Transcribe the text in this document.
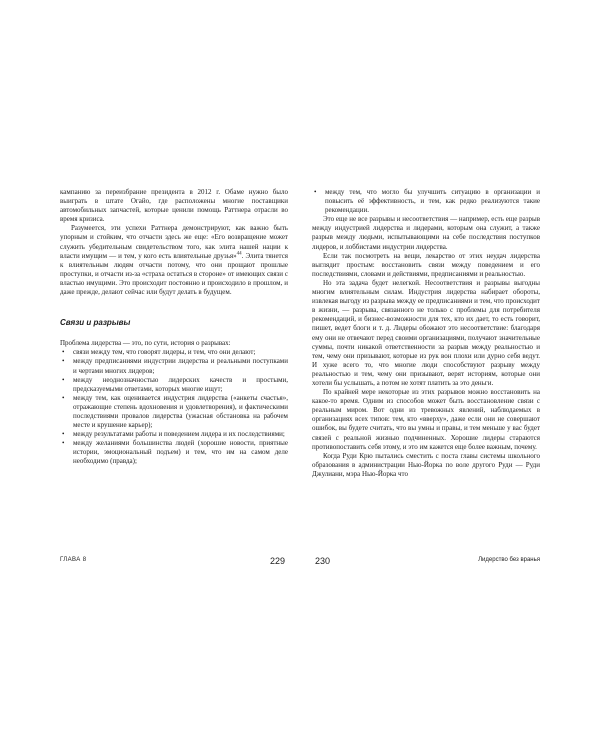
кампанию за переизбрание президента в 2012 г. Обаме нужно было выиграть в штате Огайо, где расположены многие поставщики автомобильных запчастей, которые ценили помощь Раттнера отрасли во время кризиса.

Разумеется, эти успехи Раттнера демонстрируют, как важно быть упорным и стойким, что отчасти здесь же еще: «Его возвращение может служить убедительным свидетельством того, как элита нашей нации к власти имущим — и тем, у кого есть влиятельные друзья»$^{44}$. Элита тянется к влиятельным людям отчасти потому, что они прощают прошлые проступки, и отчасти из-за «страха остаться в стороне» от имеющих связи с властью имущими. Это происходит постоянно и происходило в прошлом, и даже прежде, делают сейчас или будут делать в будущем.

Связи и разрывы

Проблема лидерства — это, по сути, история о разрывах:

• связи между тем, что говорят лидеры, и тем, что они делают;
• между предписаниями индустрии лидерства и реальными поступками и чертами многих лидеров;
• между неоднозначностью лидерских качеств и простыми, предсказуемыми ответами, которых многие ищут;
• между тем, как оценивается индустрия лидерства («анкеты счастья», отражающие степень вдохновения и удовлетворения), и фактическими последствиями провалов лидерства (ужасная обстановка на рабочем месте и крушение карьер);
• между результатами работы и поведением лидера и их последствиями;
• между желаниями большинства людей (хорошие новости, приятные истории, эмоциональный подъем) и тем, что им на самом деле необходимо (правда);
ГЛАВА 8	229
• между тем, что могло бы улучшить ситуацию в организации и повысить её эффективность, и тем, как редко реализуются такие рекомендации.

Это еще не все разрывы и несоответствия — например, есть еще разрыв между индустрией лидерства и лидерами, которым она служит, а также разрыв между людьми, испытывающими на себе последствия поступков лидеров, и лоббистами индустрии лидерства.

Если так посмотреть на вещи, лекарство от этих неудач лидерства выглядит простым: восстановить связи между поведением и его последствиями, словами и действиями, предписаниями и реальностью.

Но эта задача будет нелегкой. Несоответствия и разрывы выгодны многим влиятельным силам. Индустрия лидерства набирает обороты, извлекая выгоду из разрыва между ее предписаниями и тем, что происходит в жизни, — разрыва, связанного не только с проблемы для потребителя рекомендаций, и бизнес-возможности для тех, кто их дает, то есть говорит, пишет, ведет блоги и т. д. Лидеры обожают это несоответствие: благодаря ему они не отвечают перед своими организациями, получают значительные суммы, почти никакой ответственности за разрыв между реальностью и тем, чему они призывают, которые из рук вон плохи или дурно себя ведут. И хуже всего то, что многие люди способствуют разрыву между реальностью и тем, чему они призывают, верят историям, которые они хотели бы услышать, а потом не хотят платить за это деньги.

По крайней мере некоторые из этих разрывов можно восстановить на какое-то время. Одним из способов может быть восстановление связи с реальным миром. Вот одни из тревожных явлений, наблюдаемых в организациях всех типов: тем, кто «вверху», даже если они не совершают ошибок, вы будете считать, что вы умны и правы, и тем меньше у вас будет связей с реальной жизнью подчиненных. Хорошие лидеры стараются противопоставить себя этому, и это им кажется еще более важным, почему.

Когда Руди Крю пытались сместить с поста главы системы школьного образования в администрации Нью-Йорка по воле другого Руди — Руди Джулиани, мэра Нью-Йорка что

230	Лидерство без вранья
